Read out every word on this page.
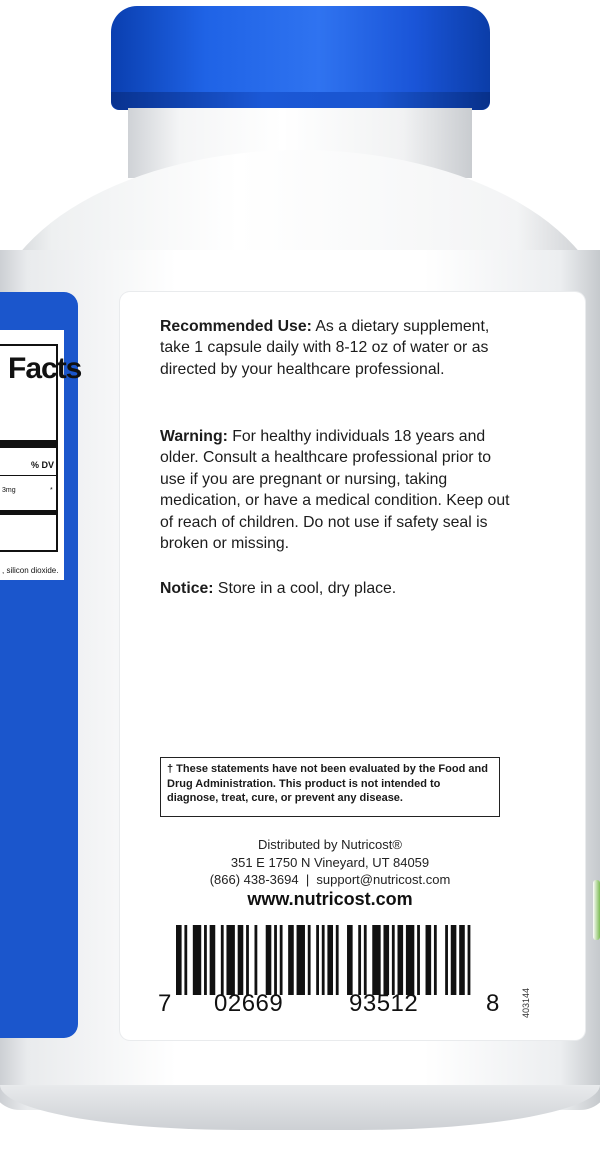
Facts
% DV
3mg	*
, silicon dioxide.

Recommended Use: As a dietary supplement, take 1 capsule daily with 8-12 oz of water or as directed by your healthcare professional.

Warning: For healthy individuals 18 years and older. Consult a healthcare professional prior to use if you are pregnant or nursing, taking medication, or have a medical condition. Keep out of reach of children. Do not use if safety seal is broken or missing.

Notice: Store in a cool, dry place.

† These statements have not been evaluated by the Food and Drug Administration. This product is not intended to diagnose, treat, cure, or prevent any disease.
Distributed by Nutricost®
351 E 1750 N Vineyard, UT 84059
(866) 438-3694  |  support@nutricost.com
www.nutricost.com
7 02669	93512	8 403144
